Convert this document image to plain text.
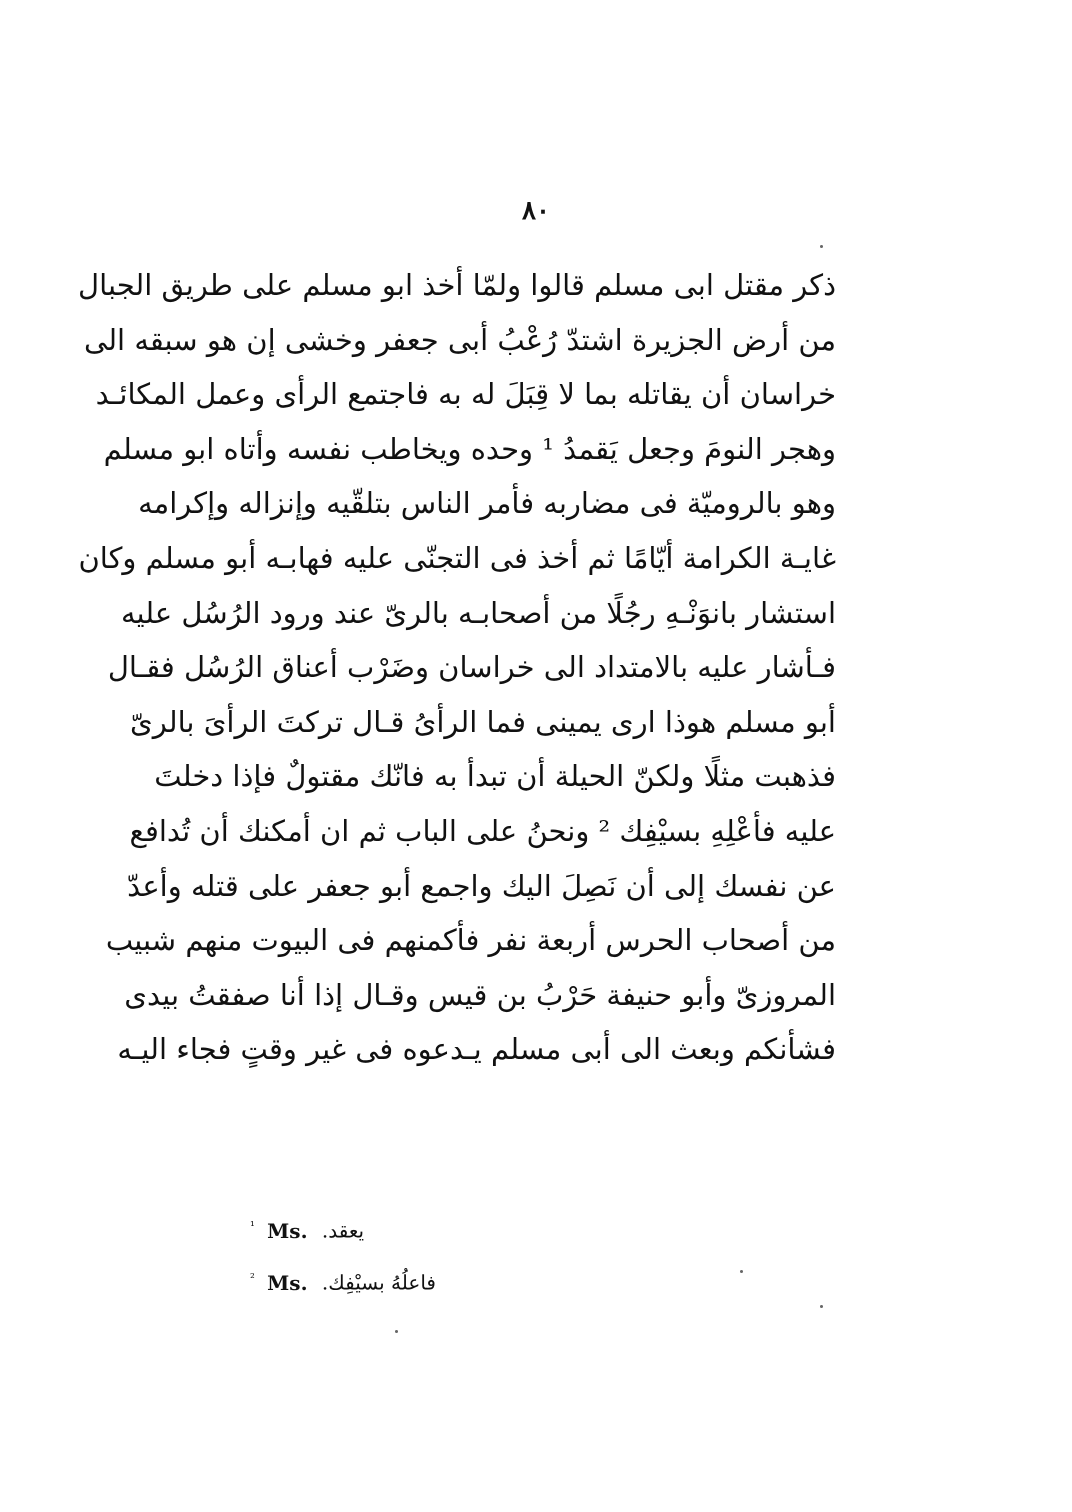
٨٠
ذكر مقتل ابى مسلم قالوا ولمّا أخذ ابو مسلم على طريق الجبال
من أرض الجزيرة اشتدّ رُعْبُ أبى جعفر وخشى إن هو سبقه الى
خراسان أن يقاتله بما لا قِبَلَ له به فاجتمع الرأى وعمل المكائـد
وهجر النومَ وجعل يَقمدُ ¹ وحده ويخاطب نفسه وأتاه ابو مسلم
وهو بالروميّة فى مضاربه فأمر الناس بتلقّيه وإنزاله وإكرامه
غايـة الكرامة أيّامًا ثم أخذ فى التجنّى عليه فهابـه أبو مسلم وكان
استشار بانوَنْـهِ رجُلًا من أصحابـه بالرىّ عند ورود الرُسُل عليه
فـأشار عليه بالامتداد الى خراسان وضَرْب أعناق الرُسُل فقـال
أبو مسلم هوذا ارى يمينى فما الرأىُ قـال تركتَ الرأىَ بالرىّ
فذهبت مثلًا ولكنّ الحيلة أن تبدأ به فانّك مقتولٌ فإذا دخلتَ
عليه فأعْلِهِ بسيْفِك ² ونحنُ على الباب ثم ان أمكنك أن تُدافع
عن نفسك إلى أن نَصِلَ اليك واجمع أبو جعفر على قتله وأعدّ
من أصحاب الحرس أربعة نفر فأكمنهم فى البيوت منهم شبيب
المروزىّ وأبو حنيفة حَرْبُ بن قيس وقـال إذا أنا صفقتُ بيدى
فشأنكم وبعث الى أبى مسلم يـدعوه فى غير وقتٍ فجاء اليـه
$^{^1}$ Ms. يعقد.
$^{^2}$ Ms. فاعلُهُ بسيْفِك.
